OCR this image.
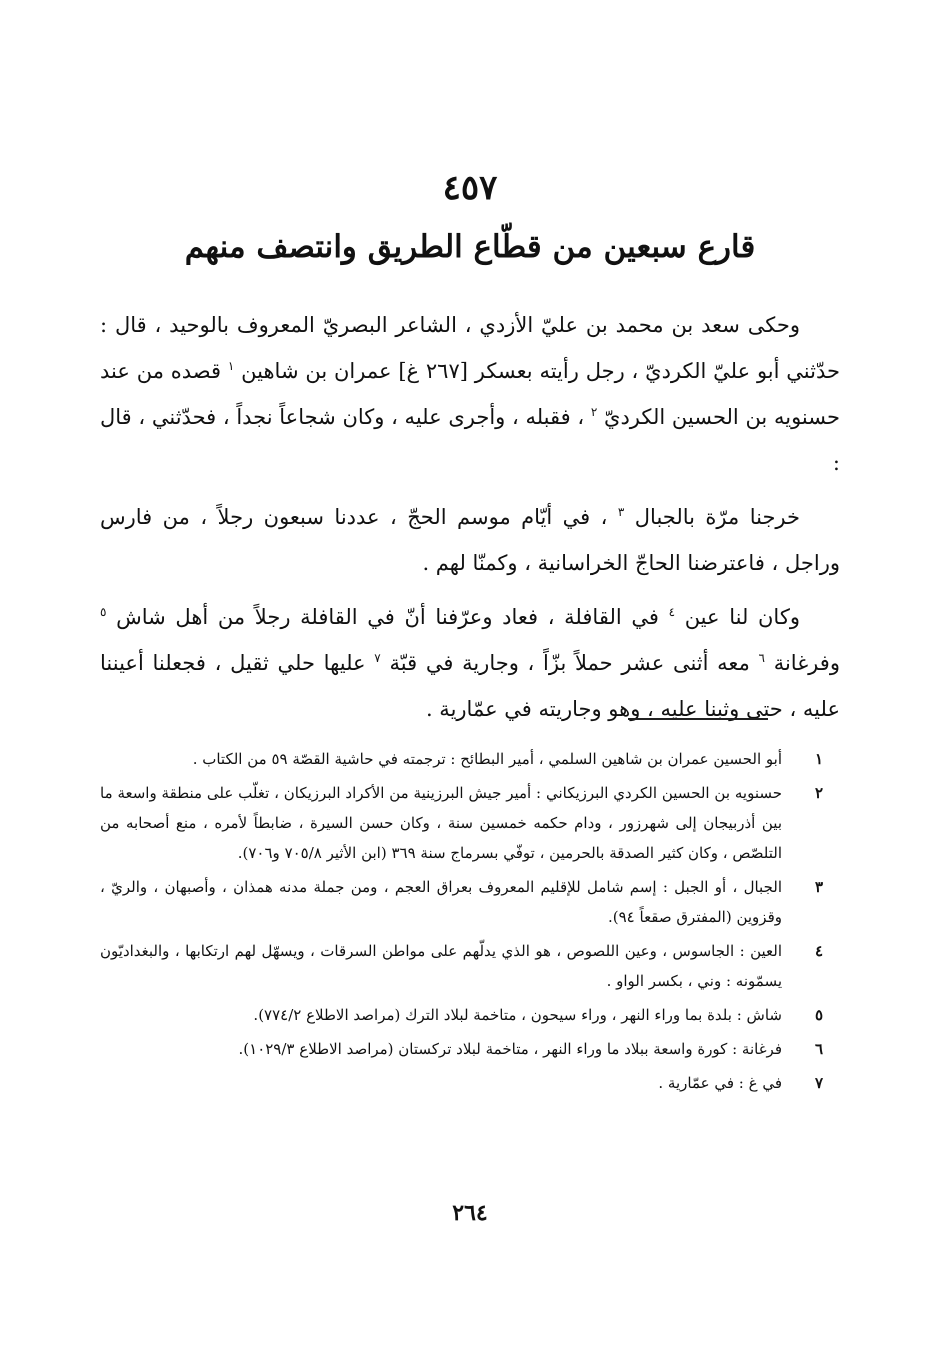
٤٥٧
قارع سبعين من قطّاع الطريق وانتصف منهم

وحكى سعد بن محمد بن عليّ الأزدي ، الشاعر البصريّ المعروف بالوحيد ، قال : حدّثني أبو عليّ الكرديّ ، رجل رأيته بعسكر [٢٦٧ غ] عمران بن شاهين $^١$ قصده من عند حسنويه بن الحسين الكرديّ $^٢$ ، فقبله ، وأجرى عليه ، وكان شجاعاً نجداً ، فحدّثني ، قال :

خرجنا مرّة بالجبال $^٣$ ، في أيّام موسم الحجّ ، عددنا سبعون رجلاً ، من فارس وراجل ، فاعترضنا الحاجّ الخراسانية ، وكمنّا لهم .

وكان لنا عين $^٤$ في القافلة ، فعاد وعرّفنا أنّ في القافلة رجلاً من أهل شاش $^٥$ وفرغانة $^٦$ معه أثنى عشر حملاً بزّاً ، وجارية في قبّة $^٧$ عليها حلي ثقيل ، فجعلنا أعيننا عليه ، حتى وثبنا عليه ، وهو وجاريته في عمّارية .

١
أبو الحسين عمران بن شاهين السلمي ، أمير البطائح : ترجمته في حاشية القصّة ٥٩ من الكتاب .
٢
حسنويه بن الحسين الكردي البرزيكاني : أمير جيش البرزينية من الأكراد البرزيكان ، تغلّب على منطقة واسعة ما بين أذربيجان إلى شهرزور ، ودام حكمه خمسين سنة ، وكان حسن السيرة ، ضابطاً لأمره ، منع أصحابه من التلصّص ، وكان كثير الصدقة بالحرمين ، توفّي بسرماج سنة ٣٦٩ (ابن الأثير ٧٠٥/٨ و٧٠٦).
٣
الجبال ، أو الجبل : إسم شامل للإقليم المعروف بعراق العجم ، ومن جملة مدنه همذان ، وأصبهان ، والريّ ، وقزوين (المفترق صقعاً ٩٤).
٤
العين : الجاسوس ، وعين اللصوص ، هو الذي يدلّهم على مواطن السرقات ، ويسهّل لهم ارتكابها ، والبغداديّون يسمّونه : وني ، بكسر الواو .
٥
شاش : بلدة بما وراء النهر ، وراء سيحون ، متاخمة لبلاد الترك (مراصد الاطلاع ٧٧٤/٢).
٦
فرغانة : كورة واسعة ببلاد ما وراء النهر ، متاخمة لبلاد تركستان (مراصد الاطلاع ١٠٢٩/٣).
٧
في غ : في عمّارية .
٢٦٤
